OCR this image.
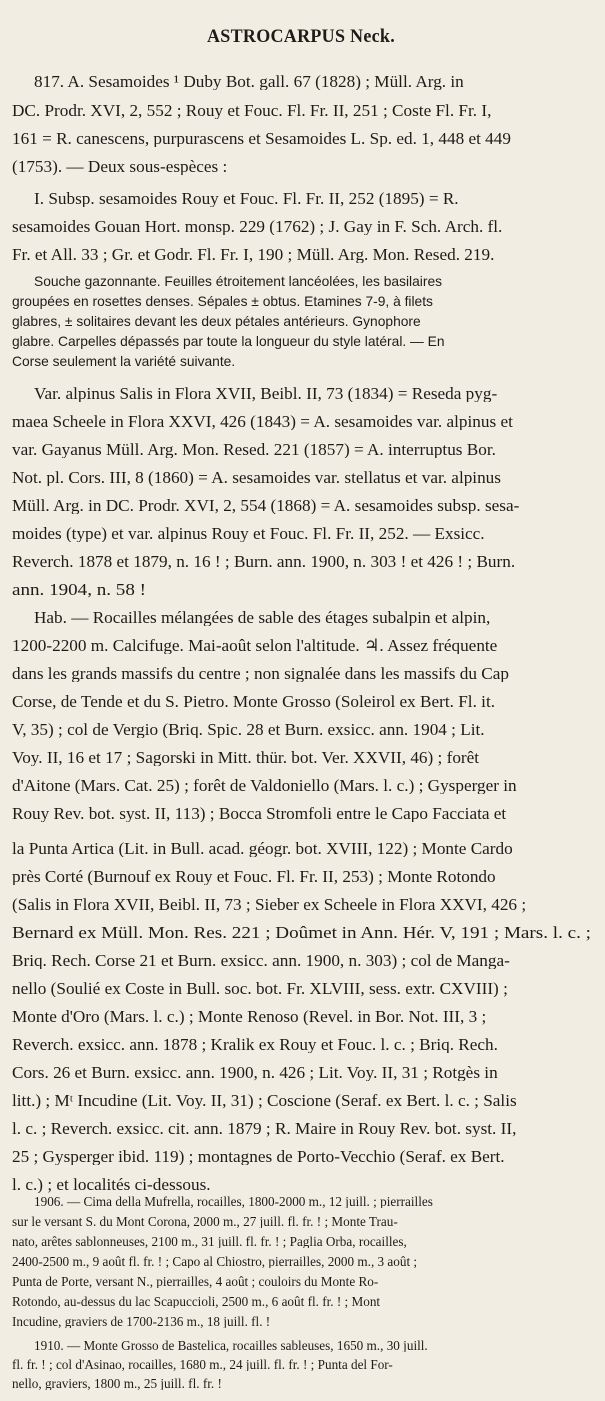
ASTROCARPUS Neck.
817. A. Sesamoides ¹ Duby Bot. gall. 67 (1828) ; Müll. Arg. in
DC. Prodr. XVI, 2, 552 ; Rouy et Fouc. Fl. Fr. II, 251 ; Coste Fl. Fr. I,
161 = R. canescens, purpurascens et Sesamoides L. Sp. ed. 1, 448 et 449
(1753). — Deux sous-espèces :
I. Subsp. sesamoides Rouy et Fouc. Fl. Fr. II, 252 (1895) = R.
sesamoides Gouan Hort. monsp. 229 (1762) ; J. Gay in F. Sch. Arch. fl.
Fr. et All. 33 ; Gr. et Godr. Fl. Fr. I, 190 ; Müll. Arg. Mon. Resed. 219.
Souche gazonnante. Feuilles étroitement lancéolées, les basilaires
groupées en rosettes denses. Sépales ± obtus. Etamines 7-9, à filets
glabres, ± solitaires devant les deux pétales antérieurs. Gynophore
glabre. Carpelles dépassés par toute la longueur du style latéral. — En
Corse seulement la variété suivante.
Var. alpinus Salis in Flora XVII, Beibl. II, 73 (1834) = Reseda pyg-
maea Scheele in Flora XXVI, 426 (1843) = A. sesamoides var. alpinus et
var. Gayanus Müll. Arg. Mon. Resed. 221 (1857) = A. interruptus Bor.
Not. pl. Cors. III, 8 (1860) = A. sesamoides var. stellatus et var. alpinus
Müll. Arg. in DC. Prodr. XVI, 2, 554 (1868) = A. sesamoides subsp. sesa-
moides (type) et var. alpinus Rouy et Fouc. Fl. Fr. II, 252. — Exsicc.
Reverch. 1878 et 1879, n. 16 ! ; Burn. ann. 1900, n. 303 ! et 426 ! ; Burn.
ann. 1904, n. 58 !
Hab. — Rocailles mélangées de sable des étages subalpin et alpin,
1200-2200 m. Calcifuge. Mai-août selon l'altitude. ♃. Assez fréquente
dans les grands massifs du centre ; non signalée dans les massifs du Cap
Corse, de Tende et du S. Pietro. Monte Grosso (Soleirol ex Bert. Fl. it.
V, 35) ; col de Vergio (Briq. Spic. 28 et Burn. exsicc. ann. 1904 ; Lit.
Voy. II, 16 et 17 ; Sagorski in Mitt. thür. bot. Ver. XXVII, 46) ; forêt
d'Aitone (Mars. Cat. 25) ; forêt de Valdoniello (Mars. l. c.) ; Gysperger in
Rouy Rev. bot. syst. II, 113) ; Bocca Stromfoli entre le Capo Facciata et
la Punta Artica (Lit. in Bull. acad. géogr. bot. XVIII, 122) ; Monte Cardo
près Corté (Burnouf ex Rouy et Fouc. Fl. Fr. II, 253) ; Monte Rotondo
(Salis in Flora XVII, Beibl. II, 73 ; Sieber ex Scheele in Flora XXVI, 426 ;
Bernard ex Müll. Mon. Res. 221 ; Doûmet in Ann. Hér. V, 191 ; Mars. l. c. ;
Briq. Rech. Corse 21 et Burn. exsicc. ann. 1900, n. 303) ; col de Manga-
nello (Soulié ex Coste in Bull. soc. bot. Fr. XLVIII, sess. extr. CXVIII) ;
Monte d'Oro (Mars. l. c.) ; Monte Renoso (Revel. in Bor. Not. III, 3 ;
Reverch. exsicc. ann. 1878 ; Kralik ex Rouy et Fouc. l. c. ; Briq. Rech.
Cors. 26 et Burn. exsicc. ann. 1900, n. 426 ; Lit. Voy. II, 31 ; Rotgès in
litt.) ; Mᵗ Incudine (Lit. Voy. II, 31) ; Coscione (Seraf. ex Bert. l. c. ; Salis
l. c. ; Reverch. exsicc. cit. ann. 1879 ; R. Maire in Rouy Rev. bot. syst. II,
25 ; Gysperger ibid. 119) ; montagnes de Porto-Vecchio (Seraf. ex Bert.
l. c.) ; et localités ci-dessous.
1906. — Cima della Mufrella, rocailles, 1800-2000 m., 12 juill. ; pierrailles
sur le versant S. du Mont Corona, 2000 m., 27 juill. fl. fr. ! ; Monte Trau-
nato, arêtes sablonneuses, 2100 m., 31 juill. fl. fr. ! ; Paglia Orba, rocailles,
2400-2500 m., 9 août fl. fr. ! ; Capo al Chiostro, pierrailles, 2000 m., 3 août ;
Punta de Porte, versant N., pierrailles, 4 août ; couloirs du Monte Ro-
Rotondo, au-dessus du lac Scapuccioli, 2500 m., 6 août fl. fr. ! ; Mont
Incudine, graviers de 1700-2136 m., 18 juill. fl. !
1910. — Monte Grosso de Bastelica, rocailles sableuses, 1650 m., 30 juill.
fl. fr. ! ; col d'Asinao, rocailles, 1680 m., 24 juill. fl. fr. ! ; Punta del For-
nello, graviers, 1800 m., 25 juill. fl. fr. !
